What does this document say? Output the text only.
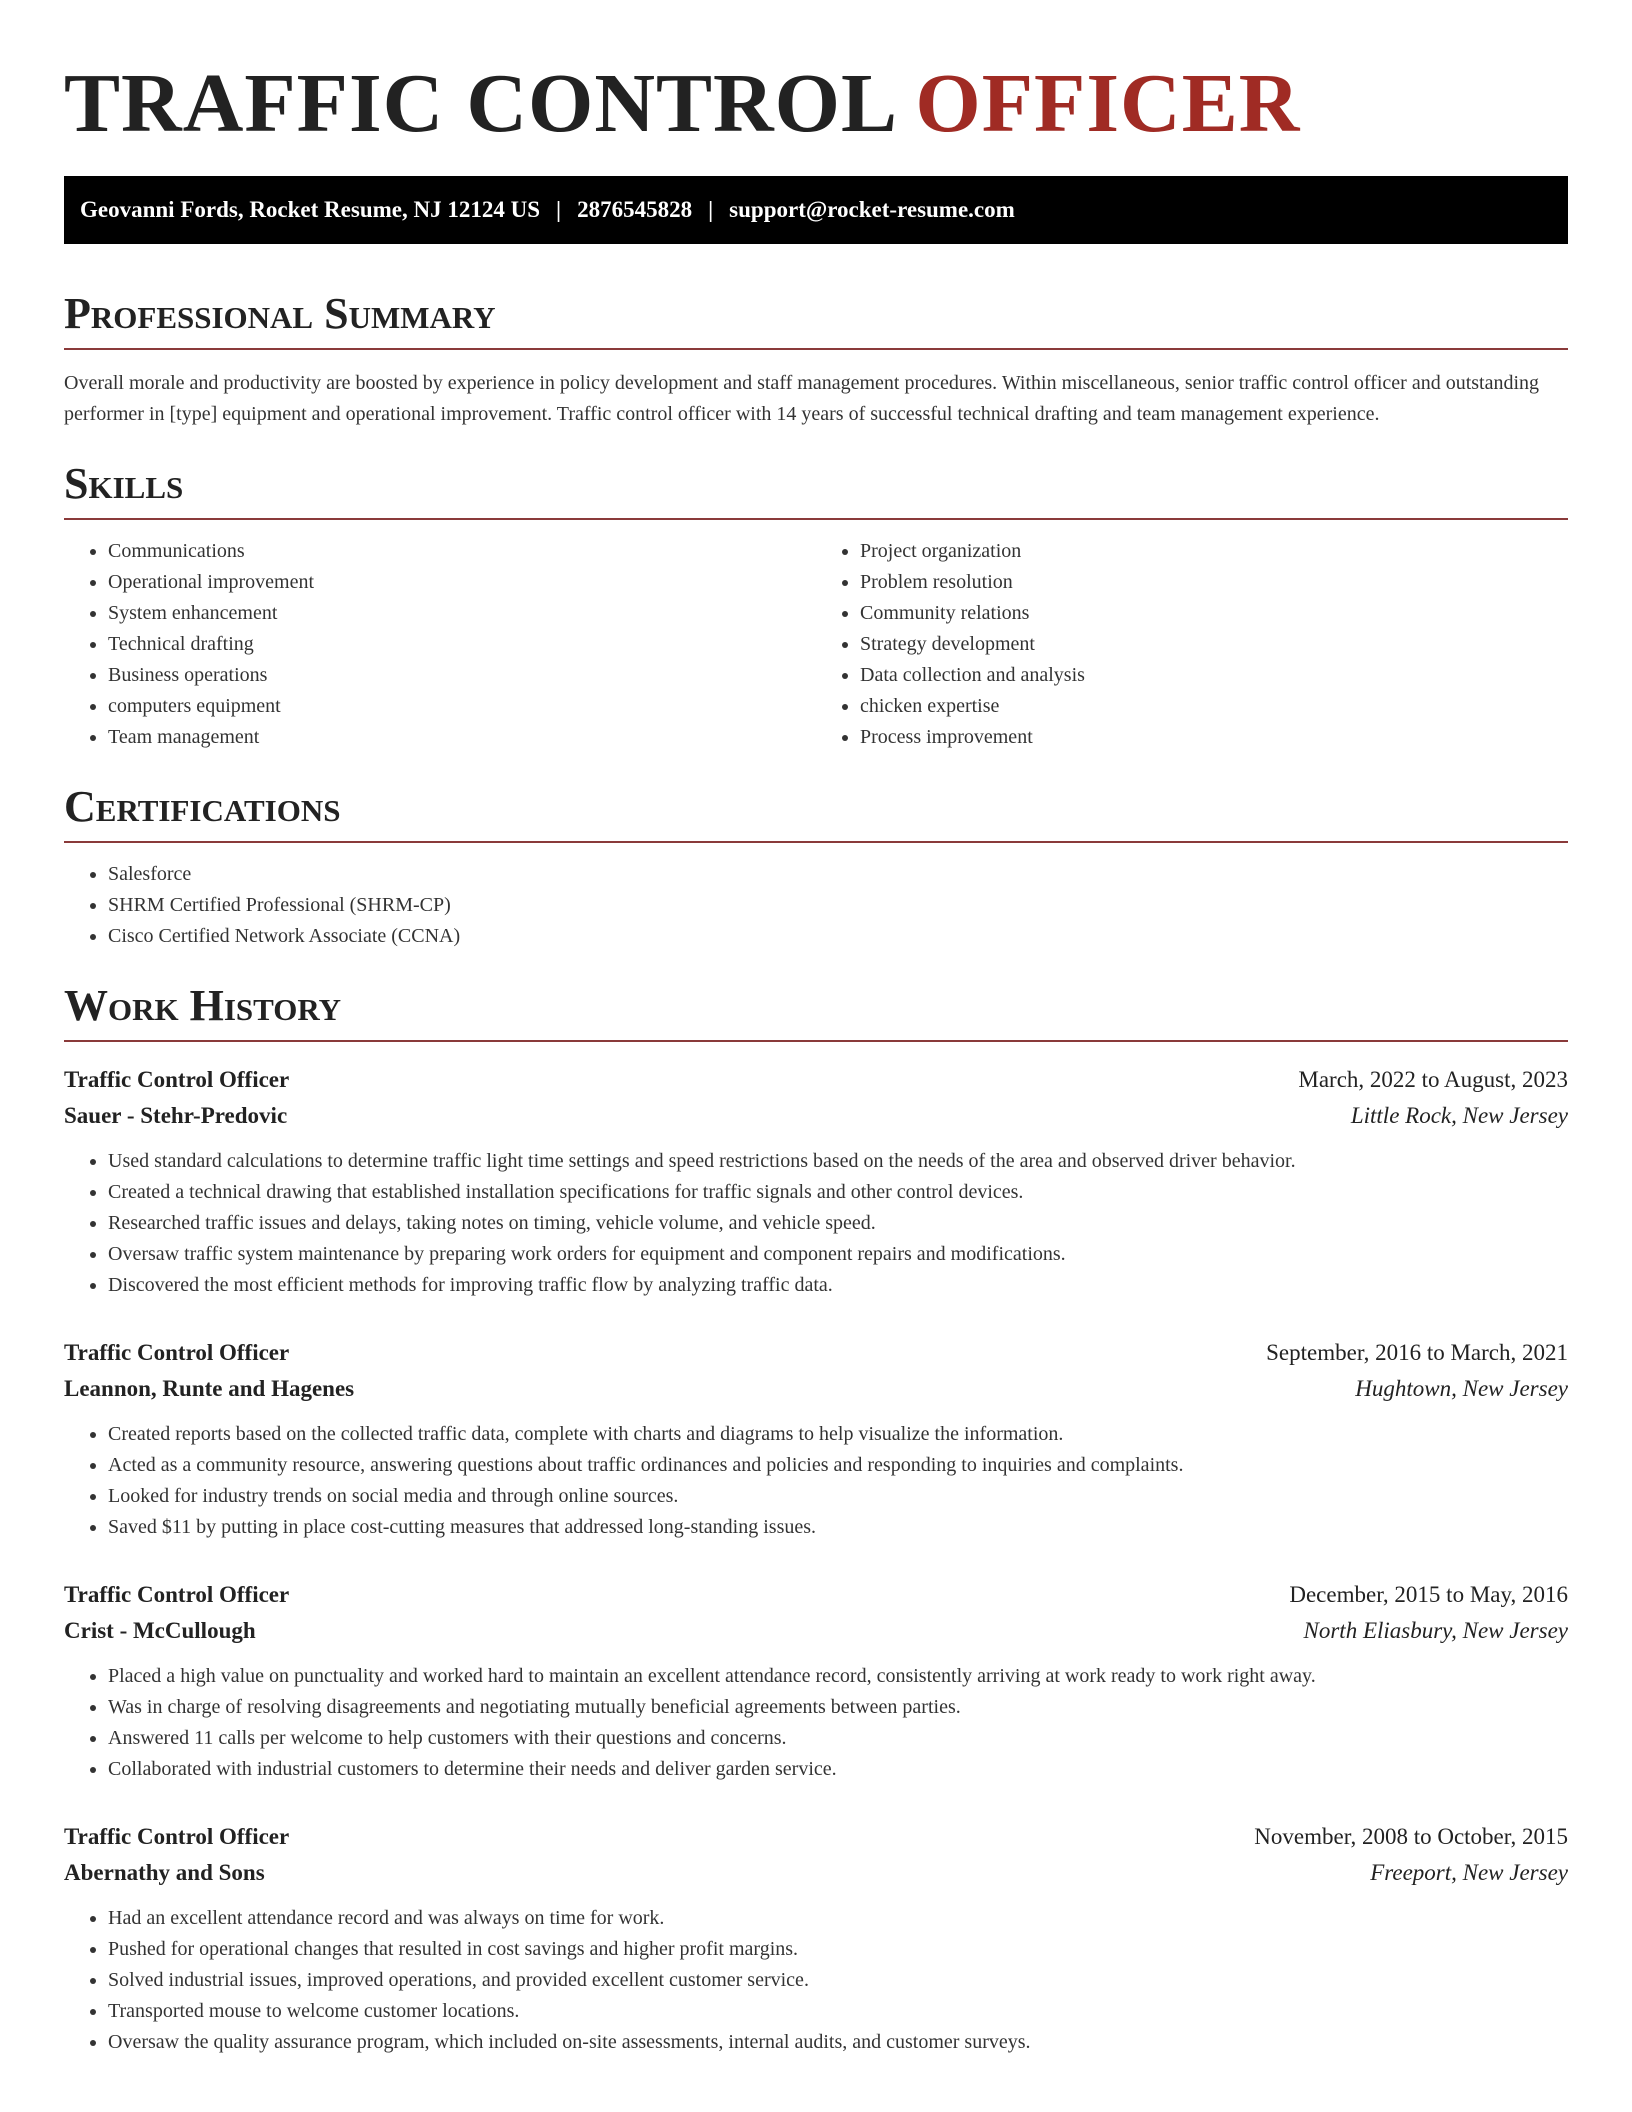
TRAFFIC CONTROL OFFICER
Geovanni Fords, Rocket Resume, NJ 12124 US | 2876545828 | support@rocket-resume.com
Professional Summary

Overall morale and productivity are boosted by experience in policy development and staff management procedures. Within miscellaneous, senior traffic control officer and outstanding performer in [type] equipment and operational improvement. Traffic control officer with 14 years of successful technical drafting and team management experience.

Skills
• Communications
• Operational improvement
• System enhancement
• Technical drafting
• Business operations
• computers equipment
• Team management
• Project organization
• Problem resolution
• Community relations
• Strategy development
• Data collection and analysis
• chicken expertise
• Process improvement
Certifications
• Salesforce
• SHRM Certified Professional (SHRM-CP)
• Cisco Certified Network Associate (CCNA)
Work History
Traffic Control Officer	March, 2022 to August, 2023
Sauer - Stehr-Predovic	Little Rock, New Jersey
• Used standard calculations to determine traffic light time settings and speed restrictions based on the needs of the area and observed driver behavior.
• Created a technical drawing that established installation specifications for traffic signals and other control devices.
• Researched traffic issues and delays, taking notes on timing, vehicle volume, and vehicle speed.
• Oversaw traffic system maintenance by preparing work orders for equipment and component repairs and modifications.
• Discovered the most efficient methods for improving traffic flow by analyzing traffic data.
Traffic Control Officer	September, 2016 to March, 2021
Leannon, Runte and Hagenes	Hughtown, New Jersey
• Created reports based on the collected traffic data, complete with charts and diagrams to help visualize the information.
• Acted as a community resource, answering questions about traffic ordinances and policies and responding to inquiries and complaints.
• Looked for industry trends on social media and through online sources.
• Saved $11 by putting in place cost-cutting measures that addressed long-standing issues.
Traffic Control Officer	December, 2015 to May, 2016
Crist - McCullough	North Eliasbury, New Jersey
• Placed a high value on punctuality and worked hard to maintain an excellent attendance record, consistently arriving at work ready to work right away.
• Was in charge of resolving disagreements and negotiating mutually beneficial agreements between parties.
• Answered 11 calls per welcome to help customers with their questions and concerns.
• Collaborated with industrial customers to determine their needs and deliver garden service.
Traffic Control Officer	November, 2008 to October, 2015
Abernathy and Sons	Freeport, New Jersey
• Had an excellent attendance record and was always on time for work.
• Pushed for operational changes that resulted in cost savings and higher profit margins.
• Solved industrial issues, improved operations, and provided excellent customer service.
• Transported mouse to welcome customer locations.
• Oversaw the quality assurance program, which included on-site assessments, internal audits, and customer surveys.
